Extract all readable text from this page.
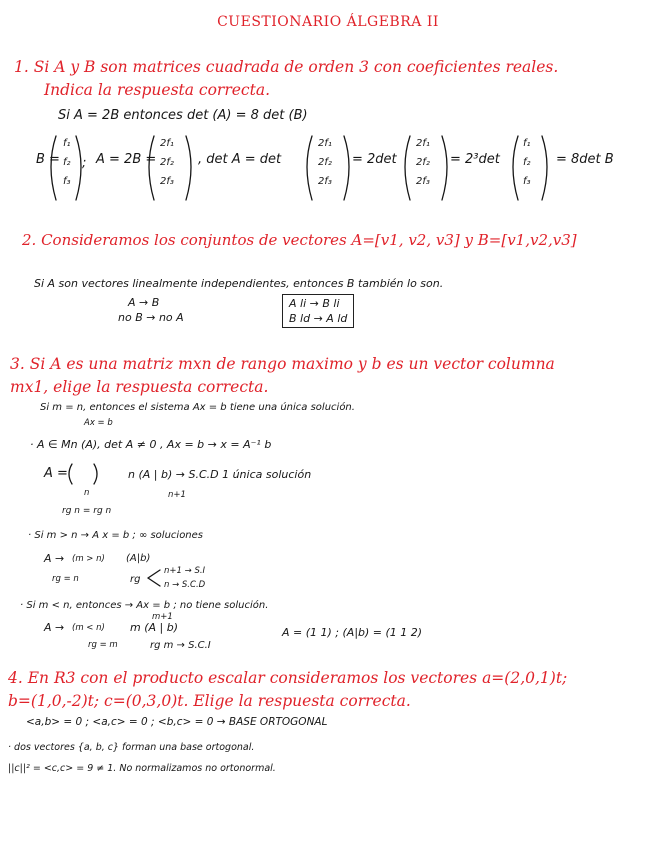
CUESTIONARIO ÁLGEBRA II
1. Si A y B son matrices cuadrada de orden 3 con coeficientes reales.
Indica la respuesta correcta.
Si A = 2B entonces det (A) = 8 det (B)
B =
f₁
f₂
f₃
; A = 2B =
2f₁
2f₂
2f₃
, det A = det
2f₁
2f₂
2f₃
= 2det
2f₁
2f₂
2f₃
= 2³det
f₁
f₂
f₃
= 8det B
2. Consideramos los conjuntos de vectores A=[v1, v2, v3] y B=[v1,v2,v3]
Si A son vectores linealmente independientes, entonces B también lo son.
A → B
no B → no A
A li → B li
B ld → A ld
3. Si A es una matriz mxn de rango maximo y b es un vector columna
mx1, elige la respuesta correcta.
Si m = n, entonces el sistema Ax = b tiene una única solución.
Ax = b
· A ∈ Mn (A), det A ≠ 0 , Ax = b → x = A⁻¹ b
A =
n
n (A | b) → S.C.D 1 única solución
n+1
rg n = rg n
· Si m > n → A x = b ; ∞ soluciones
A → (m > n) (A|b)
rg = n	rg
n+1 → S.I
n → S.C.D
· Si m < n, entonces → Ax = b ; no tiene solución.
A → (m < n) m (A | b)
m+1
rg = m	rg m → S.C.I
A = (1 1) ; (A|b) = (1 1 2)
4. En R3 con el producto escalar consideramos los vectores a=(2,0,1)t;
b=(1,0,-2)t; c=(0,3,0)t. Elige la respuesta correcta.
<a,b> = 0 ; <a,c> = 0 ; <b,c> = 0 → BASE ORTOGONAL
· dos vectores {a, b, c} forman una base ortogonal.
||c||² = <c,c> = 9 ≠ 1. No normalizamos no ortonormal.
